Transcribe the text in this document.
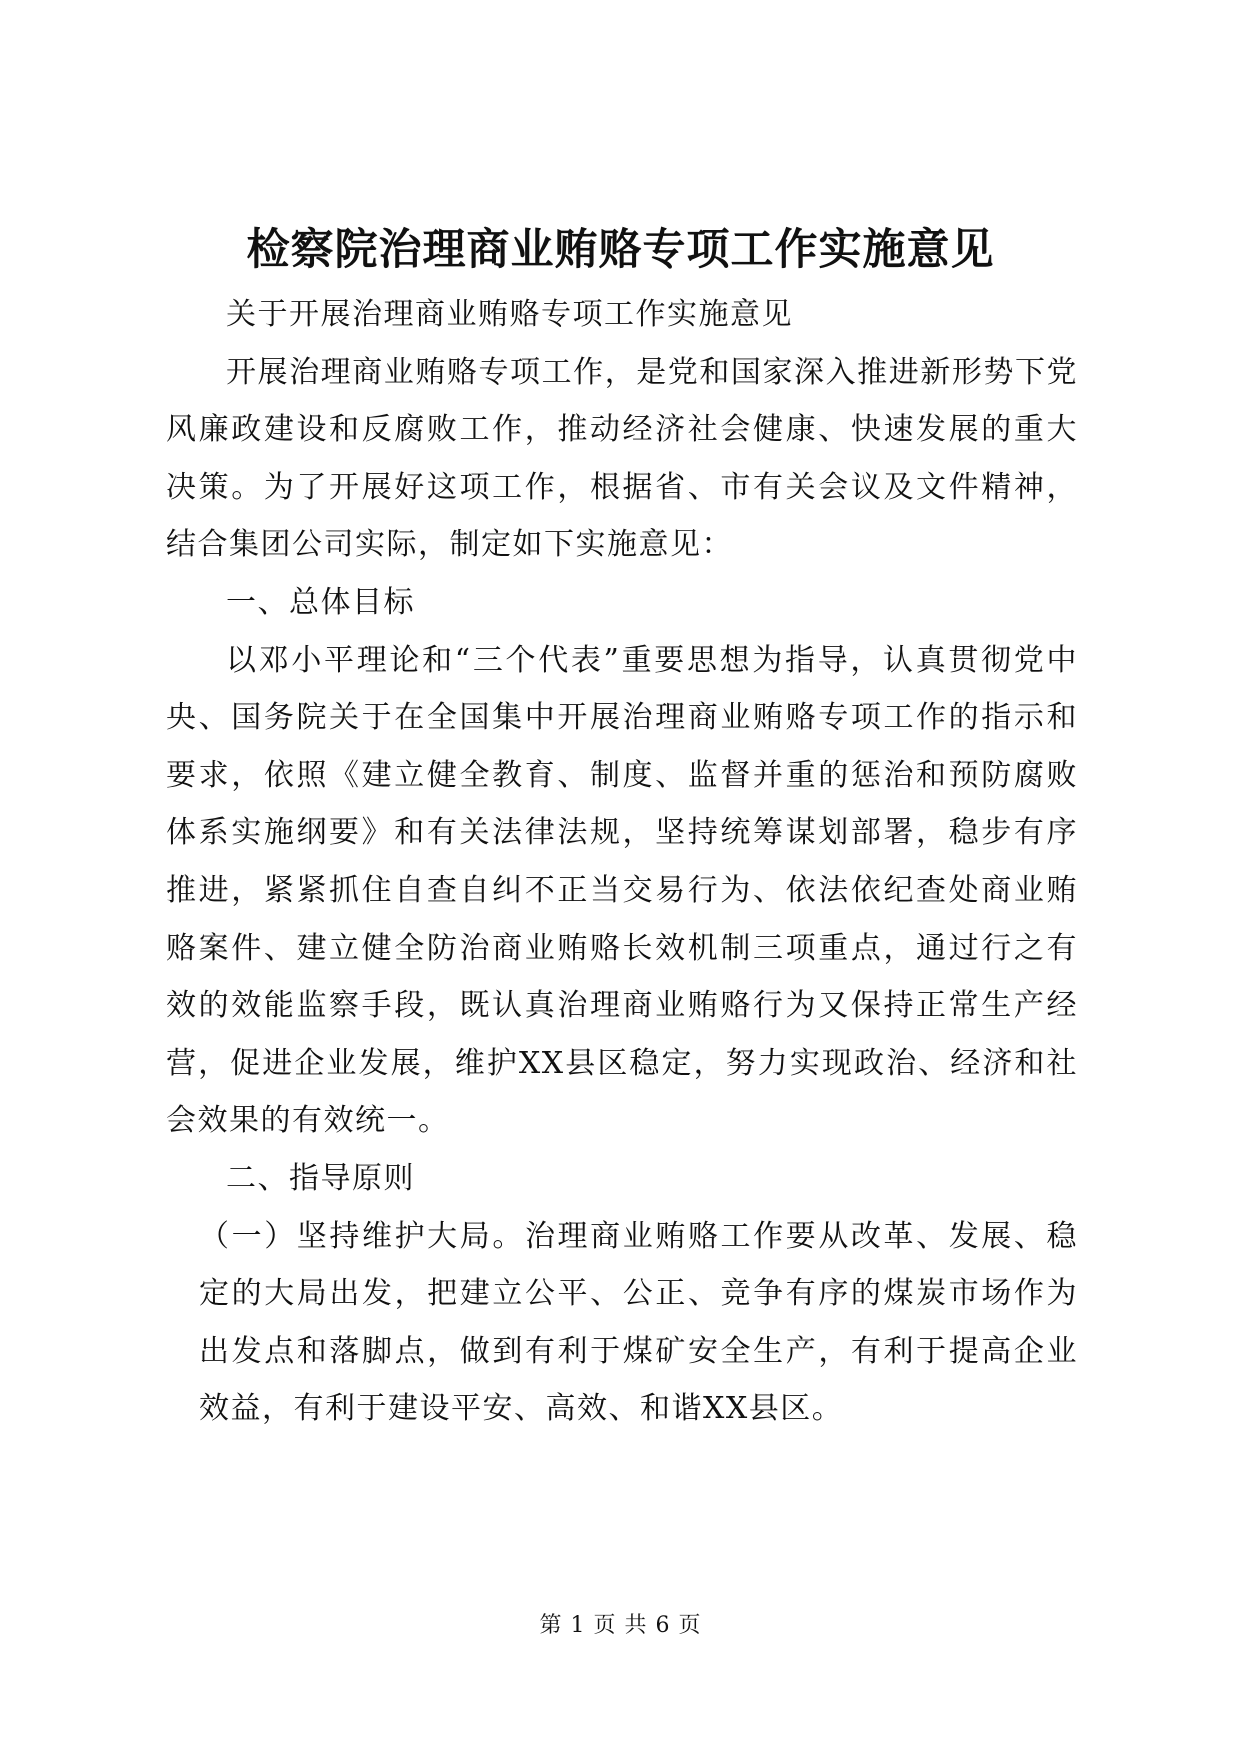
检察院治理商业贿赂专项工作实施意见

关于开展治理商业贿赂专项工作实施意见

开展治理商业贿赂专项工作，是党和国家深入推进新形势下党风廉政建设和反腐败工作，推动经济社会健康、快速发展的重大决策。为了开展好这项工作，根据省、市有关会议及文件精神，结合集团公司实际，制定如下实施意见：

一、总体目标

以邓小平理论和“三个代表”重要思想为指导，认真贯彻党中央、国务院关于在全国集中开展治理商业贿赂专项工作的指示和要求，依照《建立健全教育、制度、监督并重的惩治和预防腐败体系实施纲要》和有关法律法规，坚持统筹谋划部署，稳步有序推进，紧紧抓住自查自纠不正当交易行为、依法依纪查处商业贿赂案件、建立健全防治商业贿赂长效机制三项重点，通过行之有效的效能监察手段，既认真治理商业贿赂行为又保持正常生产经营，促进企业发展，维护XX县区稳定，努力实现政治、经济和社会效果的有效统一。

二、指导原则

（一）坚持维护大局。治理商业贿赂工作要从改革、发展、稳定的大局出发，把建立公平、公正、竞争有序的煤炭市场作为出发点和落脚点，做到有利于煤矿安全生产，有利于提高企业效益，有利于建设平安、高效、和谐XX县区。

第 1 页 共 6 页
